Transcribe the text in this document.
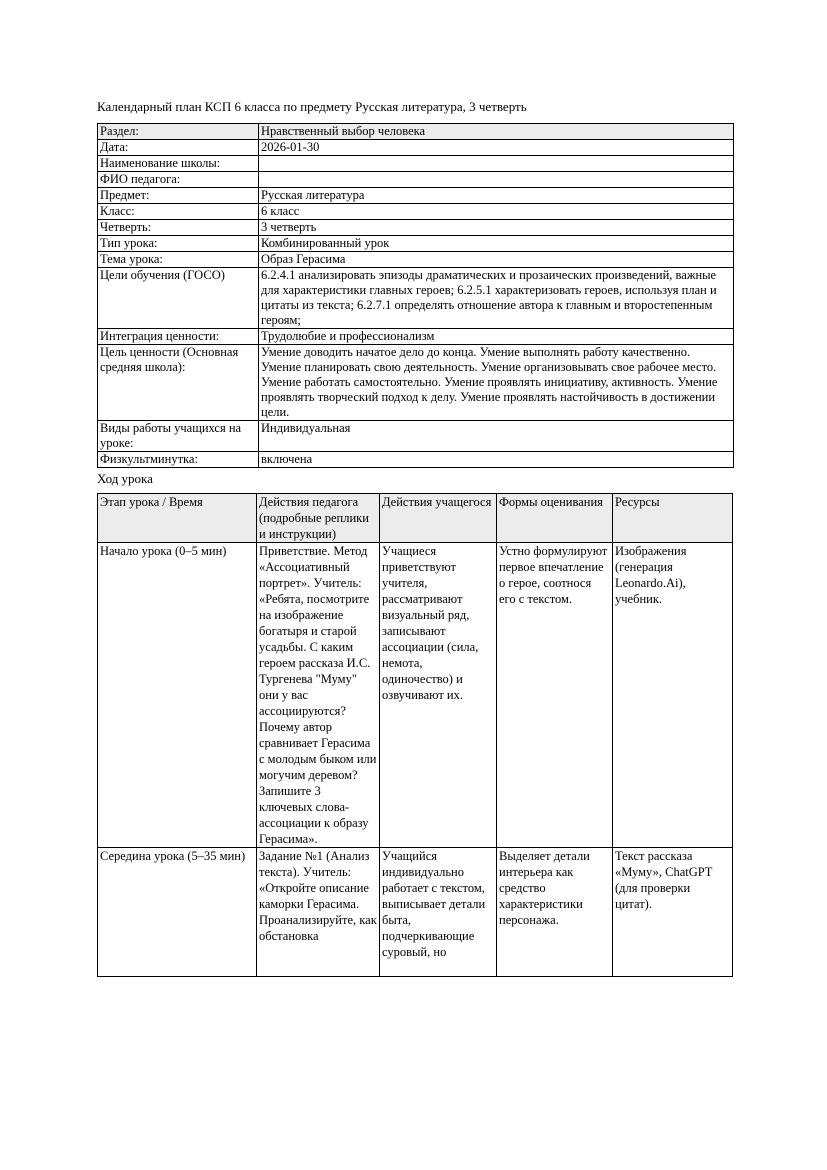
Календарный план КСП 6 класса по предмету Русская литература, 3 четверть

Раздел:	Нравственный выбор человека
Дата:	2026-01-30
Наименование школы:	
ФИО педагога:	
Предмет:	Русская литература
Класс:	6 класс
Четверть:	3 четверть
Тип урока:	Комбинированный урок
Тема урока:	Образ Герасима
Цели обучения (ГОСО)	6.2.4.1 анализировать эпизоды драматических и прозаических произведений, важные для характеристики главных героев; 6.2.5.1 характеризовать героев, используя план и цитаты из текста; 6.2.7.1 определять отношение автора к главным и второстепенным героям;
Интеграция ценности:	Трудолюбие и профессионализм
Цель ценности (Основная средняя школа):	Умение доводить начатое дело до конца. Умение выполнять работу качественно. Умение планировать свою деятельность. Умение организовывать свое рабочее место. Умение работать самостоятельно. Умение проявлять инициативу, активность. Умение проявлять творческий подход к делу. Умение проявлять настойчивость в достижении цели.
Виды работы учащихся на уроке:	Индивидуальная
Физкультминутка:	включена

Ход урока

Этап урока / Время	Действия педагога (подробные реплики и инструкции)	Действия учащегося	Формы оценивания	Ресурсы
Начало урока (0–5 мин)	Приветствие. Метод «Ассоциативный портрет». Учитель: «Ребята, посмотрите на изображение богатыря и старой усадьбы. С каким героем рассказа И.С. Тургенева "Муму" они у вас ассоциируются? Почему автор сравнивает Герасима с молодым быком или могучим деревом? Запишите 3 ключевых слова-ассоциации к образу Герасима».	Учащиеся приветствуют учителя, рассматривают визуальный ряд, записывают ассоциации (сила, немота, одиночество) и озвучивают их.	Устно формулируют первое впечатление о герое, соотнося его с текстом.	Изображения (генерация Leonardo.Ai), учебник.

Середина урока (5–35 мин)	Задание №1 (Анализ текста). Учитель: «Откройте описание каморки Герасима. Проанализируйте, как обстановка	Учащийся индивидуально работает с текстом, выписывает детали быта, подчеркивающие суровый, но	Выделяет детали интерьера как средство характеристики персонажа.	Текст рассказа «Муму», ChatGPT (для проверки цитат).
